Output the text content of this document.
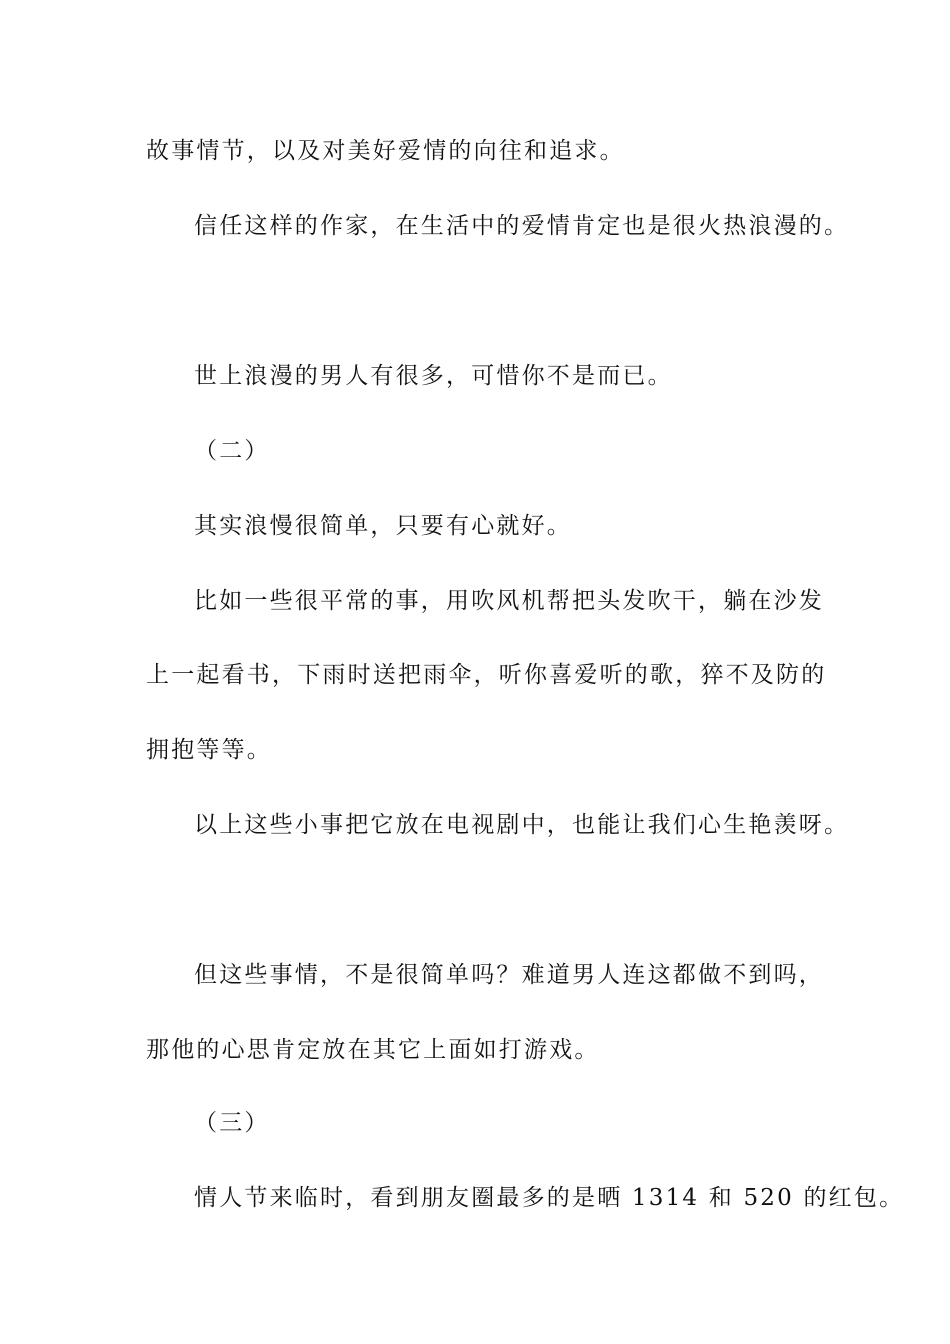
故事情节，以及对美好爱情的向往和追求。
信任这样的作家，在生活中的爱情肯定也是很火热浪漫的。
世上浪漫的男人有很多，可惜你不是而已。
（二）
其实浪慢很简单，只要有心就好。
比如一些很平常的事，用吹风机帮把头发吹干，躺在沙发
上一起看书，下雨时送把雨伞，听你喜爱听的歌，猝不及防的
拥抱等等。
以上这些小事把它放在电视剧中，也能让我们心生艳羡呀。
但这些事情，不是很简单吗？难道男人连这都做不到吗，
那他的心思肯定放在其它上面如打游戏。
（三）
情人节来临时，看到朋友圈最多的是晒 1314 和 520 的红包。
